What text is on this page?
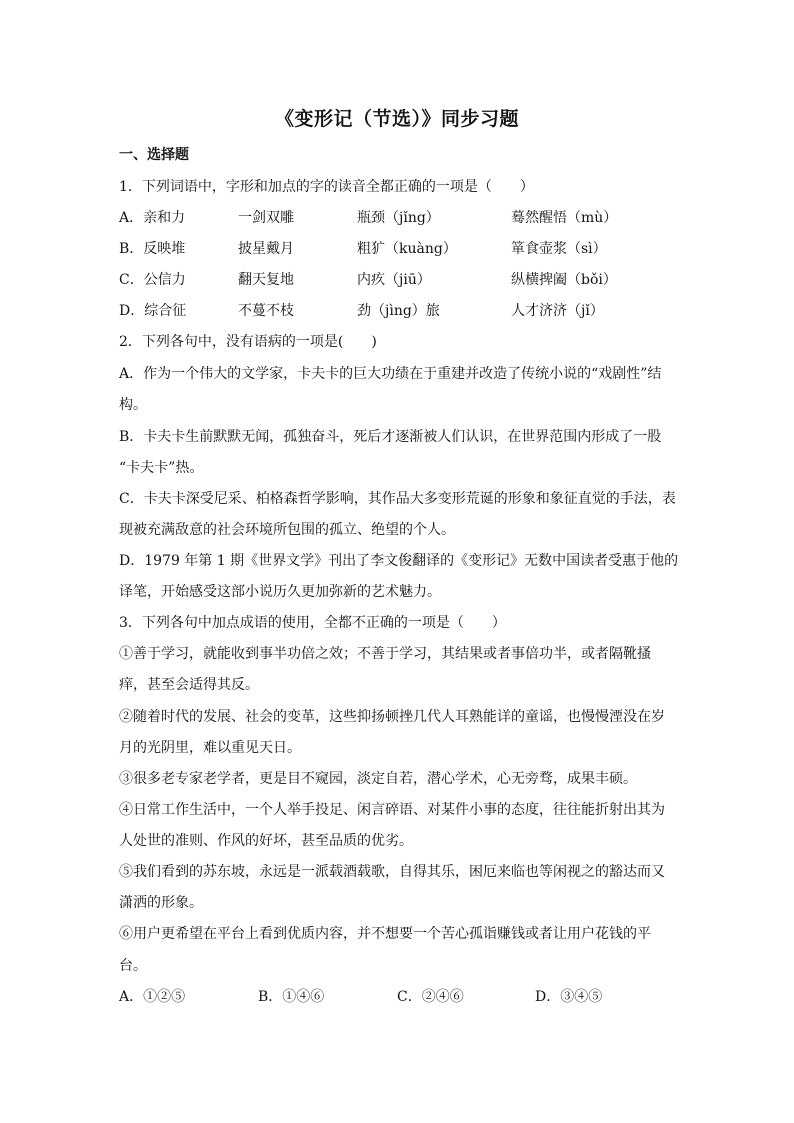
《变形记（节选）》同步习题
一、选择题
1．下列词语中，字形和加点的字的读音全都正确的一项是（　　）
A．亲和力	一剑双雕	瓶颈（jǐng）	蓦然醒悟（mù）
B．反映堆	披星戴月	粗犷（kuàng）	箪食壶浆（sì）
C．公信力	翻天复地	内疚（jiū）	纵横捭阖（bǒi）
D．综合征	不蔓不枝	劲（jìng）旅	人才济济（jǐ）
2．下列各句中，没有语病的一项是(　　)
A．作为一个伟大的文学家，卡夫卡的巨大功绩在于重建并改造了传统小说的“戏剧性”结
构。
B．卡夫卡生前默默无闻，孤独奋斗，死后才逐渐被人们认识，在世界范围内形成了一股
“卡夫卡”热。
C．卡夫卡深受尼采、柏格森哲学影响，其作品大多变形荒诞的形象和象征直觉的手法，表
现被充满敌意的社会环境所包围的孤立、绝望的个人。
D．1979 年第 1 期《世界文学》刊出了李文俊翻译的《变形记》无数中国读者受惠于他的
译笔，开始感受这部小说历久更加弥新的艺术魅力。
3．下列各句中加点成语的使用，全都不正确的一项是（　　）
①善于学习，就能收到事半功倍之效；不善于学习，其结果或者事倍功半，或者隔靴搔
痒，甚至会适得其反。
②随着时代的发展、社会的变革，这些抑扬顿挫几代人耳熟能详的童谣，也慢慢湮没在岁
月的光阴里，难以重见天日。
③很多老专家老学者，更是目不窥园，淡定自若，潜心学术，心无旁骛，成果丰硕。
④日常工作生活中，一个人举手投足、闲言碎语、对某件小事的态度，往往能折射出其为
人处世的准则、作风的好坏，甚至品质的优劣。
⑤我们看到的苏东坡，永远是一派载酒载歌，自得其乐，困厄来临也等闲视之的豁达而又
潇洒的形象。
⑥用户更希望在平台上看到优质内容，并不想要一个苦心孤诣赚钱或者让用户花钱的平
台。
A．①②⑤	B．①④⑥	C．②④⑥	D．③④⑤
